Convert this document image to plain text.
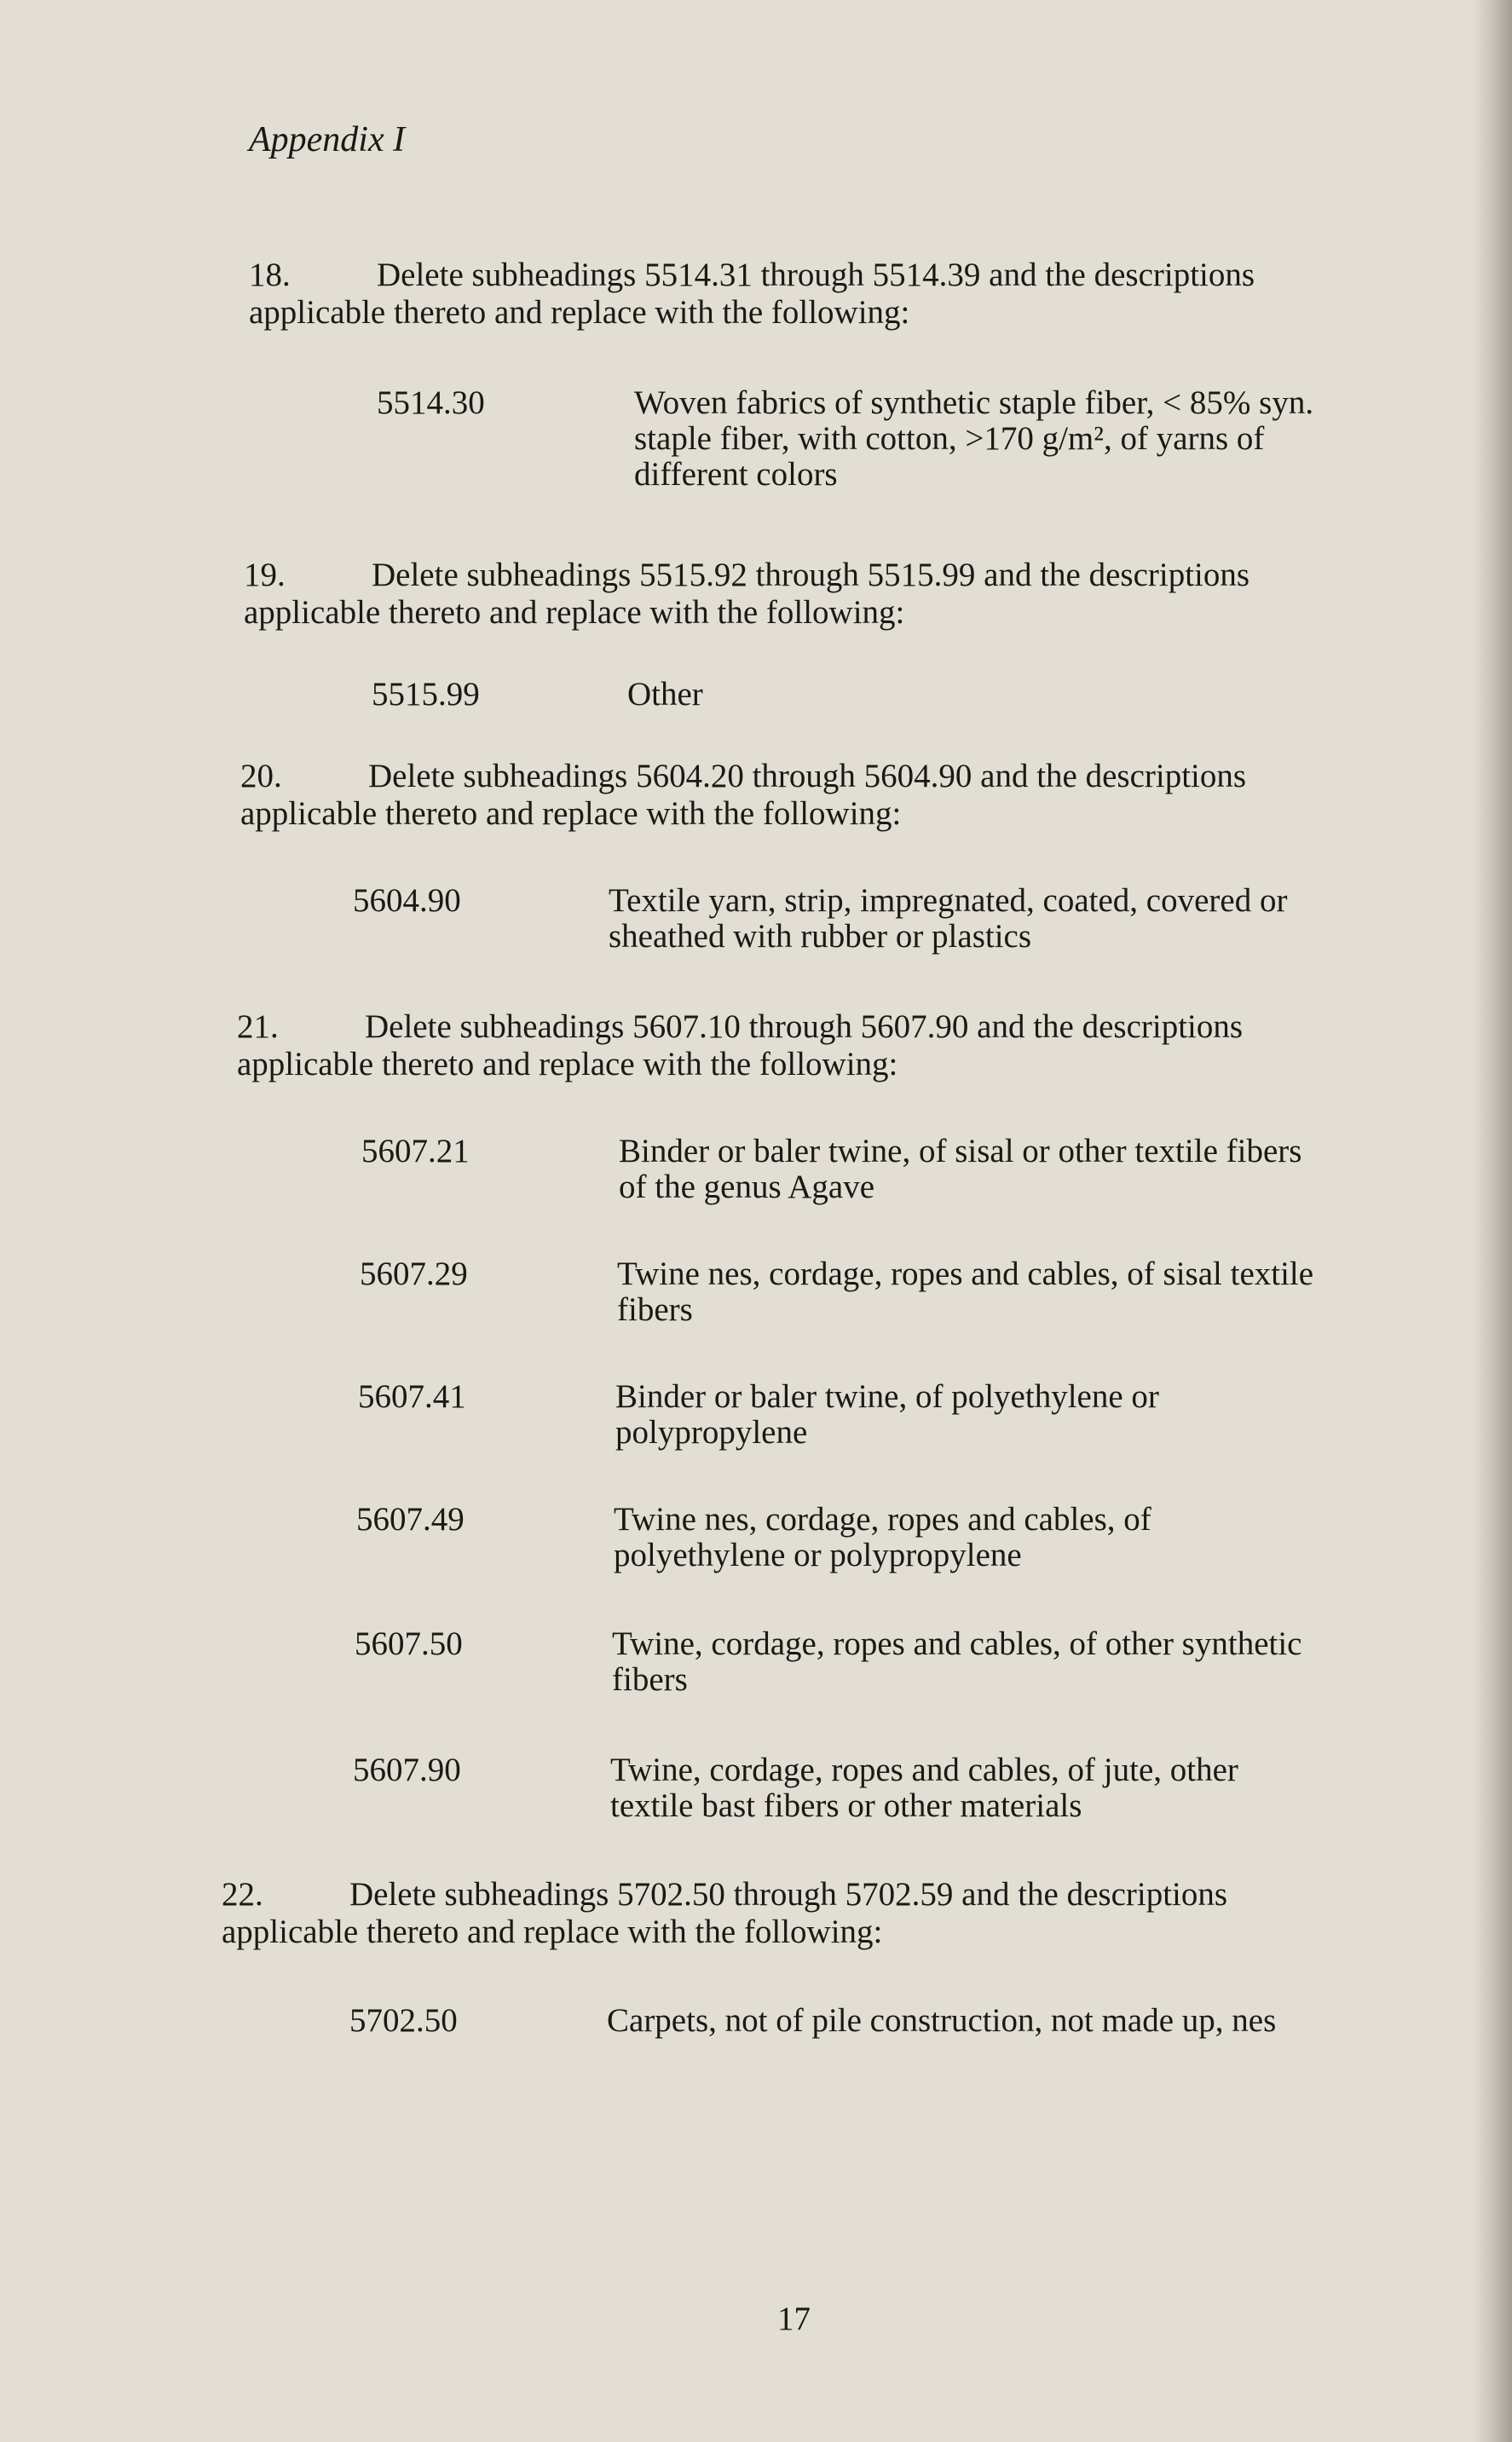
Appendix I
18.	Delete subheadings 5514.31 through 5514.39 and the descriptions
applicable thereto and replace with the following:
5514.30	Woven fabrics of synthetic staple fiber, < 85% syn.
staple fiber, with cotton, >170 g/m², of yarns of
different colors
19.	Delete subheadings 5515.92 through 5515.99 and the descriptions
applicable thereto and replace with the following:
5515.99	Other
20.	Delete subheadings 5604.20 through 5604.90 and the descriptions
applicable thereto and replace with the following:
5604.90	Textile yarn, strip, impregnated, coated, covered or
sheathed with rubber or plastics
21.	Delete subheadings 5607.10 through 5607.90 and the descriptions
applicable thereto and replace with the following:
5607.21	Binder or baler twine, of sisal or other textile fibers
of the genus Agave
5607.29	Twine nes, cordage, ropes and cables, of sisal textile
fibers
5607.41	Binder or baler twine, of polyethylene or
polypropylene
5607.49	Twine nes, cordage, ropes and cables, of
polyethylene or polypropylene
5607.50	Twine, cordage, ropes and cables, of other synthetic
fibers
5607.90	Twine, cordage, ropes and cables, of jute, other
textile bast fibers or other materials
22.	Delete subheadings 5702.50 through 5702.59 and the descriptions
applicable thereto and replace with the following:
5702.50	Carpets, not of pile construction, not made up, nes
17
